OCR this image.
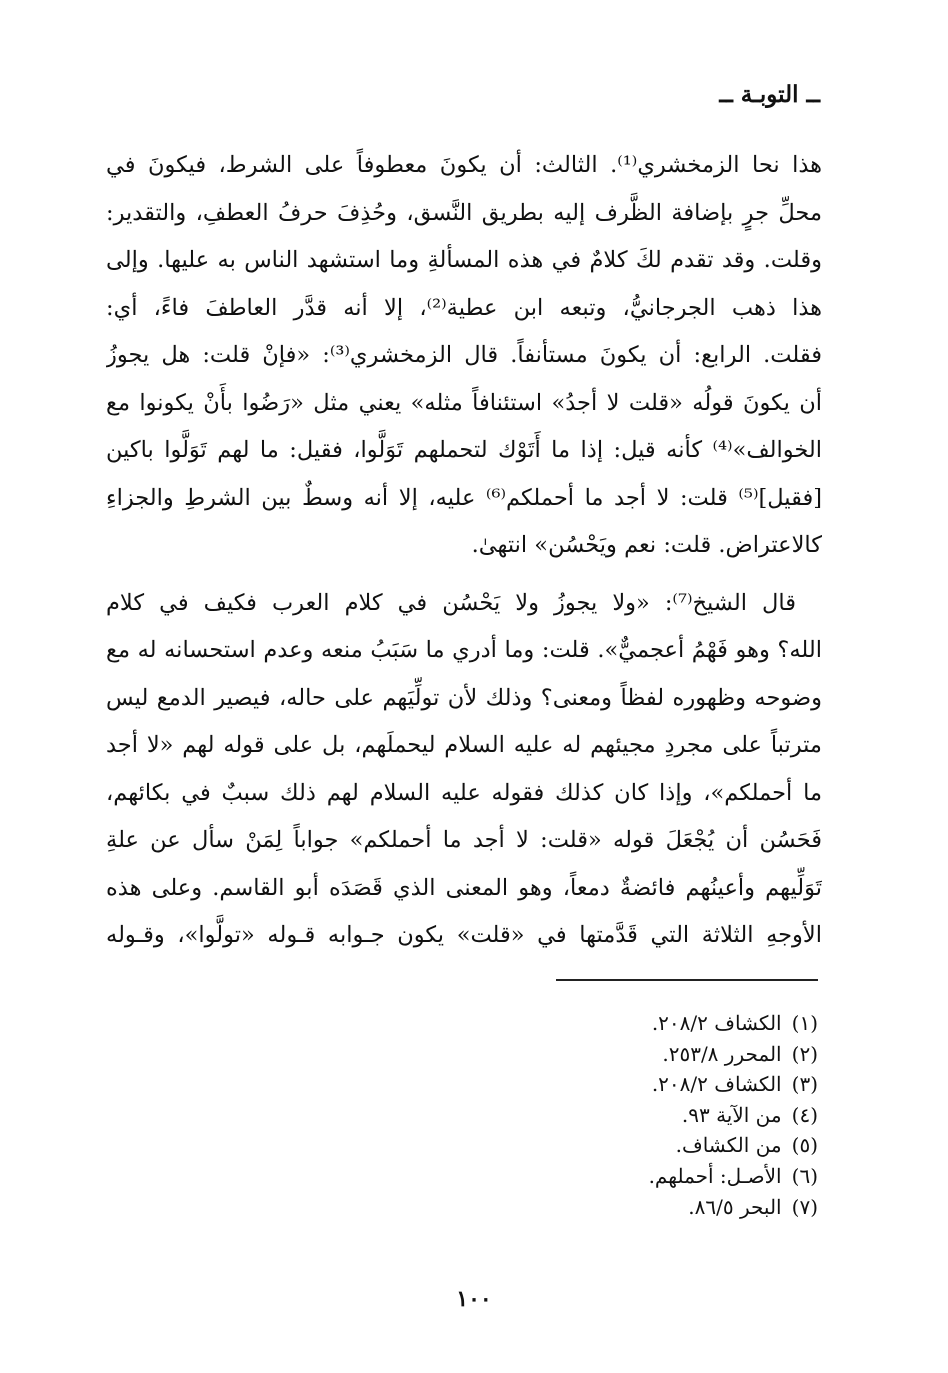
ــ التوبـة ــ
هذا نحا الزمخشري⁽¹⁾. الثالث: أن يكونَ معطوفاً على الشرط، فيكونَ في
محلِّ جرٍ بإضافة الظَّرف إليه بطريق النَّسق، وحُذِفَ حرفُ العطفِ، والتقدير:
وقلت. وقد تقدم لكَ كلامٌ في هذه المسألةِ وما استشهد الناس به عليها. وإلى
هذا ذهب الجرجانيُّ، وتبعه ابن عطية⁽²⁾، إلا أنه قدَّر العاطفَ فاءً، أي:
فقلت. الرابع: أن يكونَ مستأنفاً. قال الزمخشري⁽³⁾: «فإنْ قلت: هل يجوزُ
أن يكونَ قولُه «قلت لا أجدُ» استئنافاً مثله» يعني مثل «رَضُوا بأَنْ يكونوا مع
الخوالف»⁽⁴⁾ كأنه قيل: إذا ما أَتَوْك لتحملهم تَوَلَّوا، فقيل: ما لهم تَوَلَّوا باكين
[فقيل]⁽⁵⁾ قلت: لا أجد ما أحملكم⁽⁶⁾ عليه، إلا أنه وسطٌ بين الشرطِ والجزاءِ
كالاعتراض. قلت: نعم ويَحْسُن» انتهىٰ.
قال الشيخ⁽⁷⁾: «ولا يجوزُ ولا يَحْسُن في كلام العرب فكيف في كلام
الله؟ وهو فَهْمُ أعجميٌّ». قلت: وما أدري ما سَبَبُ منعه وعدم استحسانه له مع
وضوحه وظهوره لفظاً ومعنى؟ وذلك لأن تولِّيَهم على حاله، فيصير الدمع ليس
مترتباً على مجردِ مجيئهم له عليه السلام ليحملَهم، بل على قوله لهم «لا أجد
ما أحملكم»، وإذا كان كذلك فقوله عليه السلام لهم ذلك سببٌ في بكائهم،
فَحَسُن أن يُجْعَلَ قوله «قلت: لا أجد ما أحملكم» جواباً لِمَنْ سأل عن علةِ
تَوَلِّيهم وأعينُهم فائضةٌ دمعاً، وهو المعنى الذي قَصَدَه أبو القاسم. وعلى هذه
الأوجهِ الثلاثة التي قَدَّمتها في «قلت» يكون جـوابه قـوله «تولَّوا»، وقـوله
(١)الكشاف ٢٠٨/٢.
(٢)المحرر ٢٥٣/٨.
(٣)الكشاف ٢٠٨/٢.
(٤)من الآية ٩٣.
(٥)من الكشاف.
(٦)الأصـل: أحملهم.
(٧)البحر ٨٦/٥.
١٠٠
